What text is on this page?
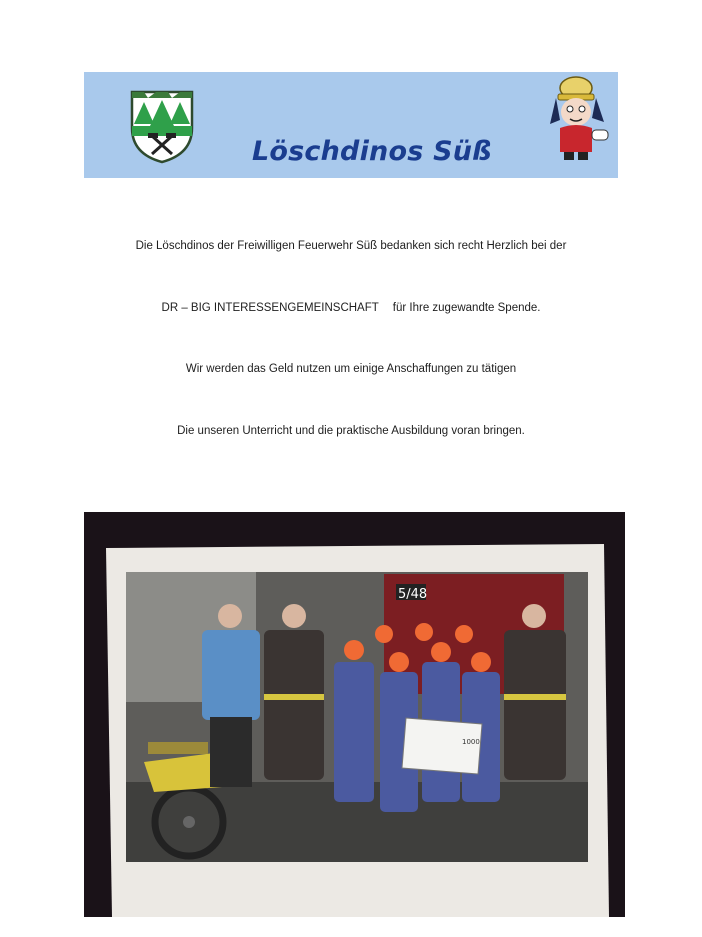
Löschdinos Süß
Die Löschdinos der Freiwilligen Feuerwehr Süß bedanken sich recht Herzlich bei der
DR – BIG INTERESSENGEMEINSCHAFT für Ihre zugewandte Spende.
Wir werden das Geld nutzen um einige Anschaffungen zu tätigen
Die unseren Unterricht und die praktische Ausbildung voran bringen.
5/48
1000
